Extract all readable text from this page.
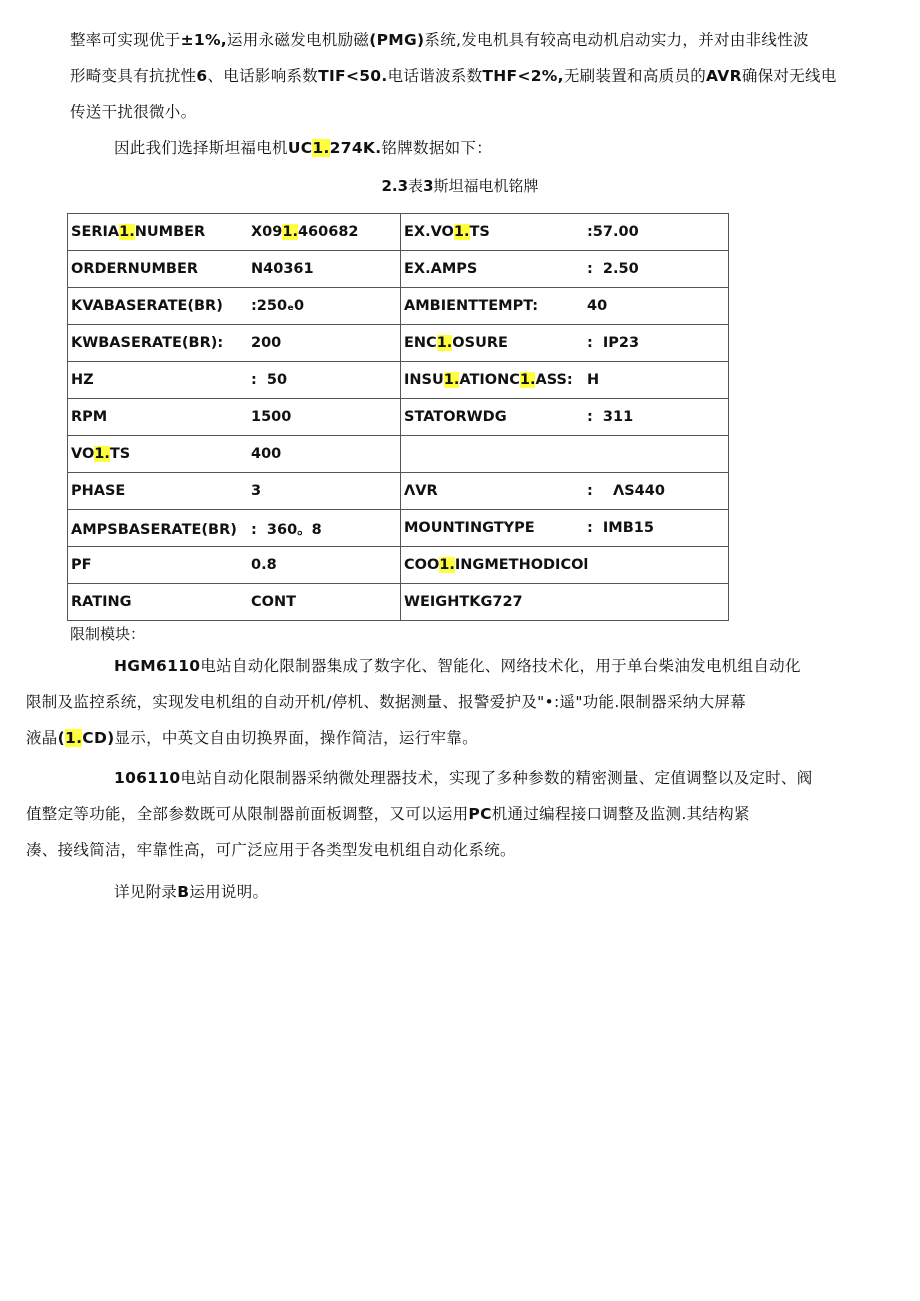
整率可实现优于±1%,运用永磁发电机励磁(PMG)系统,发电机具有较高电动机启动实力，并对由非线性波
形畸变具有抗扰性6、电话影响系数TIF<50.电话谐波系数THF<2%,无刷装置和高质员的AVR确保对无线电
传送干扰很微小。
因此我们选择斯坦福电机UC1.274K.铭牌数据如下：
2.3表3斯坦福电机铭牌
SERIA1.NUMBER X091.460682	EX.VO1.TS :57.00
ORDERNUMBER N40361	EX.AMPS :  2.50
KVABASERATE(BR) :250​ₑ​0	AMBIENTTEMPT: 40
KWBASERATE(BR): 200	ENC1.OSURE :  IP23
HZ :  50	INSU1.ATIONC1.ASS: H
RPM 1500	STATORWDG :  311
VO1.TS 400	
PHASE 3	ΛVR :    ΛS440
AMPSBASERATE(BR) :  360。8	MOUNTINGTYPE :  IMB15
PF 0.8	COO1.INGMETHODICOl
RATING CONT	WEIGHTKG727
限制模块：
HGM6110电站自动化限制器集成了数字化、智能化、网络技术化，用于单台柴油发电机组自动化
限制及监控系统，实现发电机组的自动开机/停机、数据测量、报警爱护及"•:遥"功能.限制器采纳大屏幕
液晶(1.CD)显示，中英文自由切换界面，操作简洁，运行牢靠。
106110电站自动化限制器采纳微处理器技术，实现了多种参数的精密测量、定值调整以及定时、阀
值整定等功能，全部参数既可从限制器前面板调整，又可以运用PC机通过编程接口调整及监测.其结构紧
凑、接线简洁，牢靠性高，可广泛应用于各类型发电机组自动化系统。
详见附录B运用说明。
